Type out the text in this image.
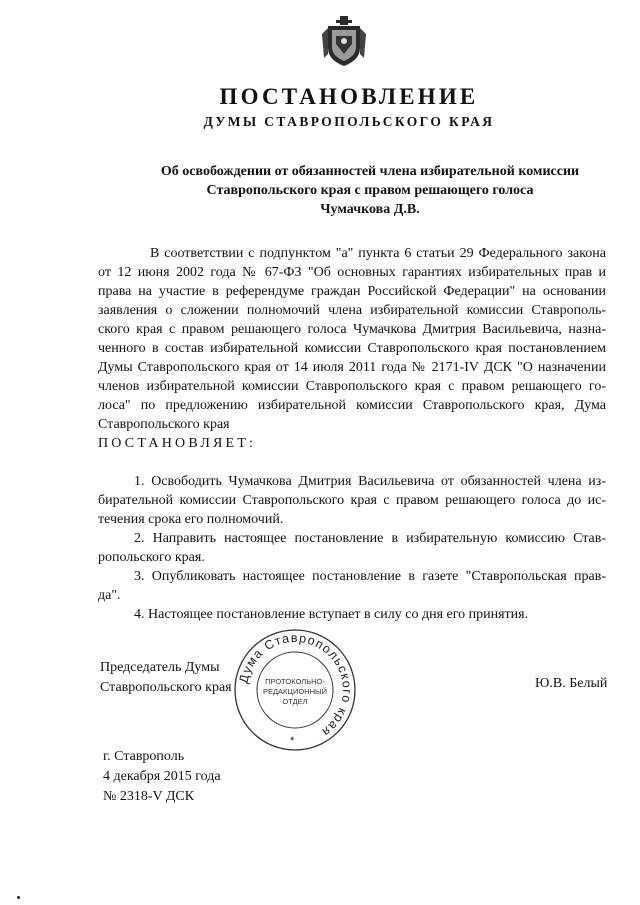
ПОСТАНОВЛЕНИЕ
ДУМЫ СТАВРОПОЛЬСКОГО КРАЯ
Об освобождении от обязанностей члена избирательной комиссии
Ставропольского края с правом решающего голоса
Чумачкова Д.В.
В соответствии с подпунктом "а" пункта 6 статьи 29 Федерального закона
от 12 июня 2002 года № 67-ФЗ "Об основных гарантиях избирательных прав и
права на участие в референдуме граждан Российской Федерации" на основании
заявления о сложении полномочий члена избирательной комиссии Ставрополь-
ского края с правом решающего голоса Чумачкова Дмитрия Васильевича, назна-
ченного в состав избирательной комиссии Ставропольского края постановлением
Думы Ставропольского края от 14 июля 2011 года № 2171-IV ДСК "О назначении
членов избирательной комиссии Ставропольского края с правом решающего го-
лоса" по предложению избирательной комиссии Ставропольского края, Дума
Ставропольского края
ПОСТАНОВЛЯЕТ:
1. Освободить Чумачкова Дмитрия Васильевича от обязанностей члена из-
бирательной комиссии Ставропольского края с правом решающего голоса до ис-
течения срока его полномочий.
2. Направить настоящее постановление в избирательную комиссию Став-
ропольского края.
3. Опубликовать настоящее постановление в газете "Ставропольская прав-
да".
4. Настоящее постановление вступает в силу со дня его принятия.
Председатель Думы
Ставропольского края	Ю.В. Белый
Дума Ставропольского края
ПРОТОКОЛЬНО-
РЕДАКЦИОННЫЙ
ОТДЕЛ
*
г. Ставрополь
4 декабря 2015 года
№ 2318-V ДСК
